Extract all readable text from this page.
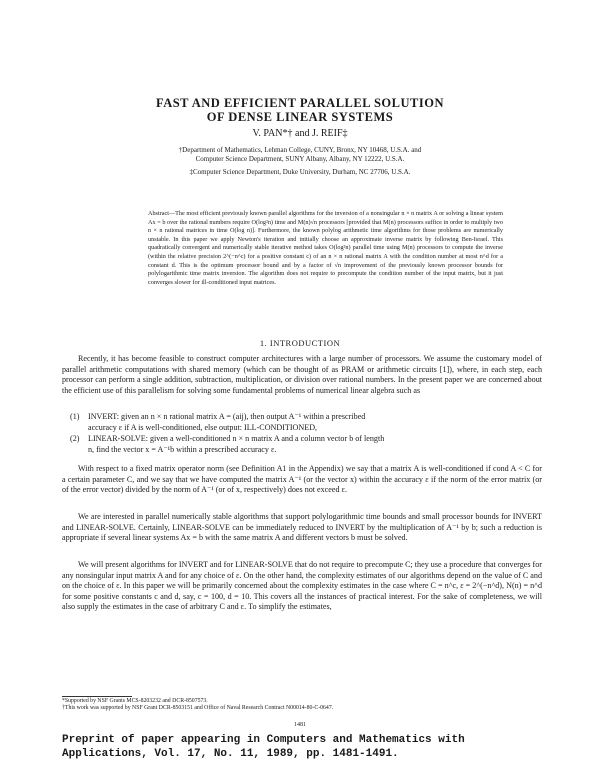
FAST AND EFFICIENT PARALLEL SOLUTION
OF DENSE LINEAR SYSTEMS
V. PAN*† and J. REIF‡
†Department of Mathematics, Lehman College, CUNY, Bronx, NY 10468, U.S.A. and
Computer Science Department, SUNY Albany, Albany, NY 12222, U.S.A.
‡Computer Science Department, Duke University, Durham, NC 27706, U.S.A.
Abstract—The most efficient previously known parallel algorithms for the inversion of a nonsingular n × n matrix A or solving a linear system Ax = b over the rational numbers require O(log²n) time and M(n)√n processors [provided that M(n) processors suffice in order to multiply two n × n rational matrices in time O(log n)]. Furthermore, the known polylog arithmetic time algorithms for those problems are numerically unstable. In this paper we apply Newton's iteration and initially choose an approximate inverse matrix by following Ben-Israel. This quadratically convergent and numerically stable iterative method takes O(log²n) parallel time using M(n) processors to compute the inverse (within the relative precision 2^(−n^c) for a positive constant c) of an n × n rational matrix A with the condition number at most n^d for a constant d. This is the optimum processor bound and by a factor of √n improvement of the previously known processor bounds for polylogarithmic time matrix inversion. The algorithm does not require to precompute the condition number of the input matrix, but it just converges slower for ill-conditioned input matrices.
1. INTRODUCTION

Recently, it has become feasible to construct computer architectures with a large number of processors. We assume the customary model of parallel arithmetic computations with shared memory (which can be thought of as PRAM or arithmetic circuits [1]), where, in each step, each processor can perform a single addition, subtraction, multiplication, or division over rational numbers. In the present paper we are concerned about the efficient use of this parallelism for solving some fundamental problems of numerical linear algebra such as

(1) INVERT: given an n × n rational matrix A = (aij), then output A⁻¹ within a prescribed
accuracy ε if A is well-conditioned, else output: ILL-CONDITIONED,
(2) LINEAR-SOLVE: given a well-conditioned n × n matrix A and a column vector b of length
n, find the vector x = A⁻¹b within a prescribed accuracy ε.

With respect to a fixed matrix operator norm (see Definition A1 in the Appendix) we say that a matrix A is well-conditioned if cond A < C for a certain parameter C, and we say that we have computed the matrix A⁻¹ (or the vector x) within the accuracy ε if the norm of the error matrix (or of the error vector) divided by the norm of A⁻¹ (or of x, respectively) does not exceed ε.

We are interested in parallel numerically stable algorithms that support polylogarithmic time bounds and small processor bounds for INVERT and LINEAR-SOLVE. Certainly, LINEAR-SOLVE can be immediately reduced to INVERT by the multiplication of A⁻¹ by b; such a reduction is appropriate if several linear systems Ax = b with the same matrix A and different vectors b must be solved.

We will present algorithms for INVERT and for LINEAR-SOLVE that do not require to precompute C; they use a procedure that converges for any nonsingular input matrix A and for any choice of ε. On the other hand, the complexity estimates of our algorithms depend on the value of C and on the choice of ε. In this paper we will be primarily concerned about the complexity estimates in the case where C = n^c, ε = 2^(−n^d), N(n) = n^d for some positive constants c and d, say, c = 100, d = 10. This covers all the instances of practical interest. For the sake of completeness, we will also supply the estimates in the case of arbitrary C and ε. To simplify the estimates,

*Supported by NSF Grants MCS-8203232 and DCR-8507573.
†This work was supported by NSF Grant DCR-8503151 and Office of Naval Research Contract N00014-80-C-0647.
1481
Preprint of paper appearing in Computers and Mathematics with
Applications, Vol. 17, No. 11, 1989, pp. 1481-1491.
